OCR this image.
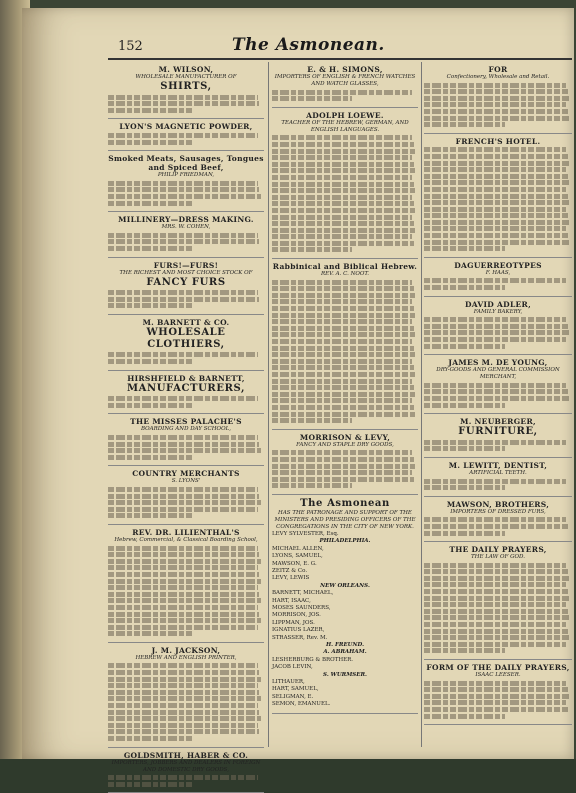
152	The Asmonean.
M. WILSON,
WHOLESALE MANUFACTURER OF
SHIRTS,
LYON'S MAGNETIC POWDER,
Smoked Meats, Sausages, Tongues and Spiced Beef,
PHILIP FRIEDMAN,
MILLINERY—DRESS MAKING.
MRS. W. COHEN,
FURS!—FURS!
THE RICHEST AND MOST CHOICE STOCK OF
FANCY FURS
M. BARNETT & CO.
WHOLESALE CLOTHIERS,
HIRSHFIELD & BARNETT,
MANUFACTURERS,
THE MISSES PALACHE'S
BOARDING AND DAY SCHOOL,
COUNTRY MERCHANTS
S. LYONS'
REV. DR. LILIENTHAL'S
Hebrew, Commercial, & Classical Boarding School,
J. M. JACKSON,
HEBREW AND ENGLISH PRINTER,
GOLDSMITH, HABER & CO.
IMPORTERS, JOBBERS AND DEALERS IN FOREIGN AND DOMESTIC DRY GOODS,
E. & H. SIMONS,
IMPORTERS OF ENGLISH & FRENCH WATCHES AND WATCH GLASSES,
ADOLPH LOEWE.
TEACHER OF THE HEBREW, GERMAN, AND ENGLISH LANGUAGES.
Rabbinical and Biblical Hebrew.
REV. A. C. NOOT.
MORRISON & LEVY,
FANCY AND STAPLE DRY GOODS,
The Asmonean
HAS THE PATRONAGE AND SUPPORT OF THE MINISTERS AND PRESIDING OFFICERS OF THE CONGREGATIONS IN THE CITY OF NEW YORK.
LEVY SYLVESTER, Esq.
PHILADELPHIA.
MICHAEL ALLEN,
LYONS, SAMUEL,
MAWSON, E. G.
ZEITZ & Co.
LEVY, LEWIS
NEW ORLEANS.
BARNETT, MICHAEL,
HART, ISAAC,
MOSES SAUNDERS,
MORRISON, JOS.
LIPPMAN, JOS.
IGNATIUS LAZER,
STRASSER, Rev. M.
H. FREUND.
A. ABRAHAM.
LESHERBURG & BROTHER.
JACOB LEVIN,
S. WURMSER.
LITHAUER,
HART, SAMUEL,
SELIGMAN, E.
SEMON, EMANUEL.
FOR
Confectionery, Wholesale and Retail.
FRENCH'S HOTEL.
DAGUERREOTYPES
F. HAAS,
DAVID ADLER,
FAMILY BAKERY,
JAMES M. DE YOUNG,
DRY-GOODS AND GENERAL COMMISSION MERCHANT,
M. NEUBERGER,
FURNITURE,
M. LEWITT, DENTIST,
ARTIFICIAL TEETH.
MAWSON, BROTHERS,
IMPORTERS OF DRESSED FURS,
THE DAILY PRAYERS,
THE LAW OF GOD.
FORM OF THE DAILY PRAYERS,
ISAAC LEESER.
